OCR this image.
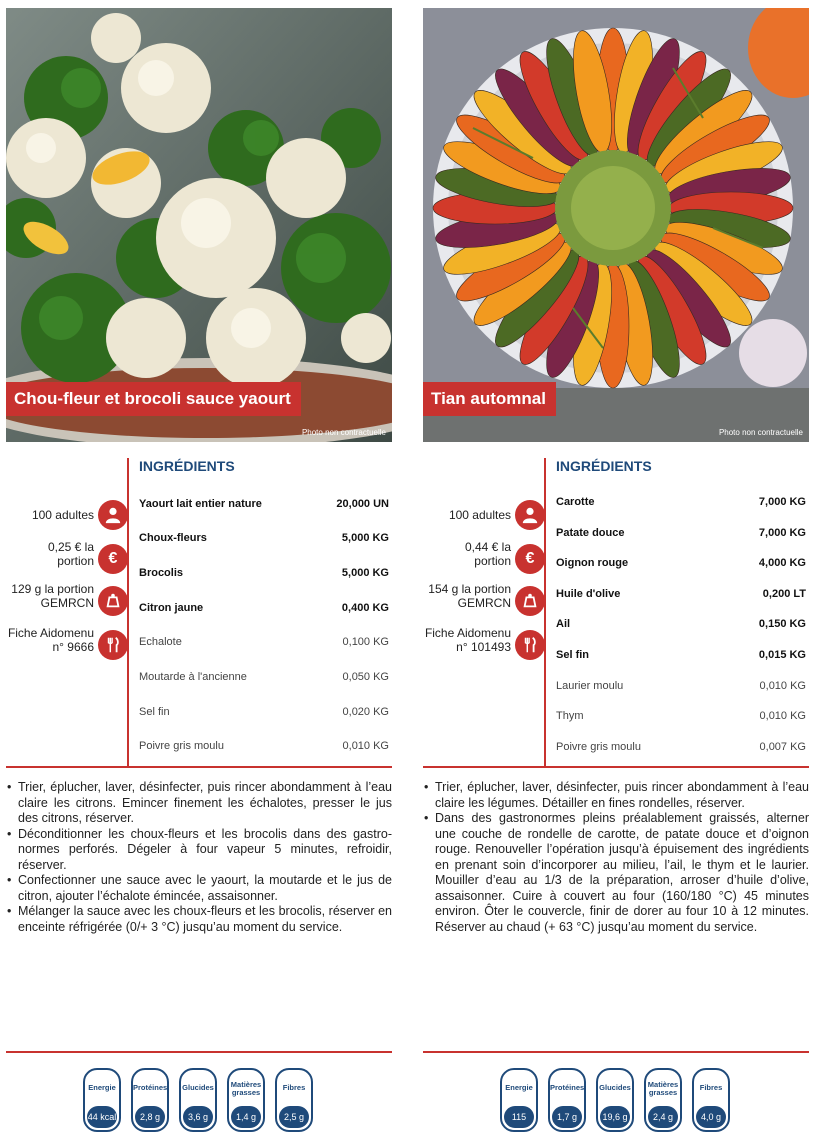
Chou-fleur et brocoli sauce yaourt
Photo non contractuelle
100 adultes
0,25 € la
portion €
129 g la portion
GEMRCN
Fiche Aidomenu
n° 9666
INGRÉDIENTS
Yaourt lait entier nature	20,000 UN
Choux-fleurs	5,000 KG
Brocolis	5,000 KG
Citron jaune	0,400 KG
Echalote	0,100 KG
Moutarde à l'ancienne	0,050 KG
Sel fin	0,020 KG
Poivre gris moulu	0,010 KG
• Trier, éplucher, laver, désinfecter, puis rincer abondamment à l’eau claire les citrons. Emincer finement les échalotes, presser le jus des citrons, réserver.
• Déconditionner les choux-fleurs et les brocolis dans des gastro-normes perforés. Dégeler à four vapeur 5 minutes, refroidir, réserver.
• Confectionner une sauce avec le yaourt, la moutarde et le jus de citron, ajouter l’échalote émincée, assaisonner.
• Mélanger la sauce avec les choux-fleurs et les brocolis, réserver en enceinte réfrigérée (0/+ 3 °C) jusqu’au moment du service.
Energie
44 kcal
Protéines
2,8 g
Glucides
3,6 g
Matières grasses
1,4 g
Fibres
2,5 g
Tian automnal
Photo non contractuelle
100 adultes
0,44 € la
portion €
154 g la portion
GEMRCN
Fiche Aidomenu
n° 101493
INGRÉDIENTS
Carotte	7,000 KG
Patate douce	7,000 KG
Oignon rouge	4,000 KG
Huile d'olive	0,200 LT
Ail	0,150 KG
Sel fin	0,015 KG
Laurier moulu	0,010 KG
Thym	0,010 KG
Poivre gris moulu	0,007 KG
• Trier, éplucher, laver, désinfecter, puis rincer abondamment à l’eau claire les légumes. Détailler en fines rondelles, réserver.
• Dans des gastronormes pleins préalablement graissés, alterner une couche de rondelle de carotte, de patate douce et d’oignon rouge. Renouveller l’opération jusqu’à épuisement des ingrédients en prenant soin d’incorporer au milieu, l’ail, le thym et le laurier. Mouiller d’eau au 1/3 de la préparation, arroser d’huile d’olive, assaisonner. Cuire à couvert au four (160/180 °C) 45 minutes environ. Ôter le couvercle, finir de dorer au four 10 à 12 minutes. Réserver au chaud (+ 63 °C) jusqu’au moment du service.
Energie
115 kcal
Protéines
1,7 g
Glucides
19,6 g
Matières grasses
2,4 g
Fibres
4,0 g
